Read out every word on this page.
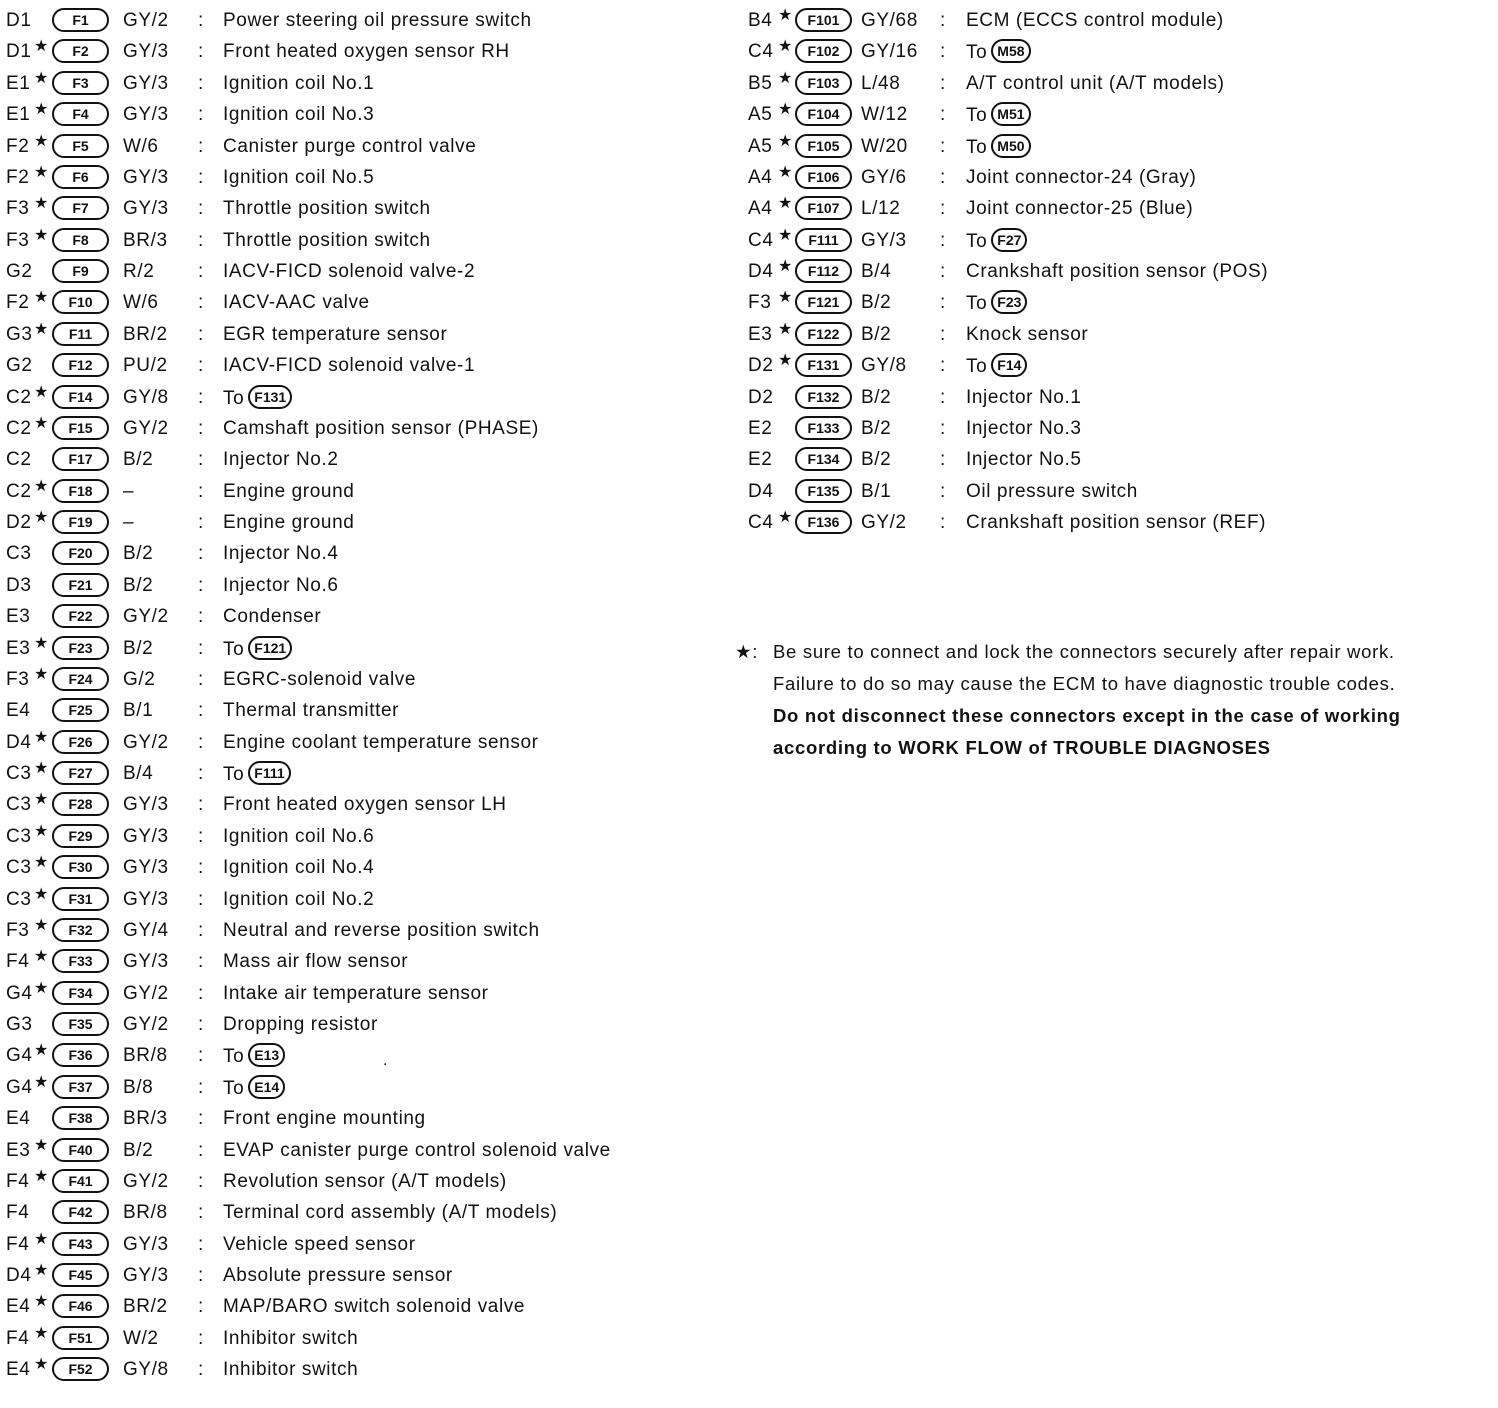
D1	F1	GY/2	: Power steering oil pressure switch
D1 ★	F2	GY/3	: Front heated oxygen sensor RH
E1 ★	F3	GY/3	: Ignition coil No.1
E1 ★	F4	GY/3	: Ignition coil No.3
F2 ★	F5	W/6	: Canister purge control valve
F2 ★	F6	GY/3	: Ignition coil No.5
F3 ★	F7	GY/3	: Throttle position switch
F3 ★	F8	BR/3	: Throttle position switch
G2	F9	R/2	: IACV-FICD solenoid valve-2
F2 ★	F10	W/6	: IACV-AAC valve
G3 ★	F11	BR/2	: EGR temperature sensor
G2	F12	PU/2	: IACV-FICD solenoid valve-1
C2 ★	F14	GY/8	: To F131
C2 ★	F15	GY/2	: Camshaft position sensor (PHASE)
C2	F17	B/2	: Injector No.2
C2 ★	F18	–	: Engine ground
D2 ★	F19	–	: Engine ground
C3	F20	B/2	: Injector No.4
D3	F21	B/2	: Injector No.6
E3	F22	GY/2	: Condenser
E3 ★	F23	B/2	: To F121
F3 ★	F24	G/2	: EGRC-solenoid valve
E4	F25	B/1	: Thermal transmitter
D4 ★	F26	GY/2	: Engine coolant temperature sensor
C3 ★	F27	B/4	: To F111
C3 ★	F28	GY/3	: Front heated oxygen sensor LH
C3 ★	F29	GY/3	: Ignition coil No.6
C3 ★	F30	GY/3	: Ignition coil No.4
C3 ★	F31	GY/3	: Ignition coil No.2
F3 ★	F32	GY/4	: Neutral and reverse position switch
F4 ★	F33	GY/3	: Mass air flow sensor
G4 ★	F34	GY/2	: Intake air temperature sensor
G3	F35	GY/2	: Dropping resistor
G4 ★	F36	BR/8	: To E13
G4 ★	F37	B/8	: To E14
E4	F38	BR/3	: Front engine mounting
E3 ★	F40	B/2	: EVAP canister purge control solenoid valve
F4 ★	F41	GY/2	: Revolution sensor (A/T models)
F4	F42	BR/8	: Terminal cord assembly (A/T models)
F4 ★	F43	GY/3	: Vehicle speed sensor
D4 ★	F45	GY/3	: Absolute pressure sensor
E4 ★	F46	BR/2	: MAP/BARO switch solenoid valve
F4 ★	F51	W/2	: Inhibitor switch
E4 ★	F52	GY/8	: Inhibitor switch
B4 ★	F101	GY/68	: ECM (ECCS control module)
C4 ★	F102	GY/16	: To M58
B5 ★	F103	L/48	: A/T control unit (A/T models)
A5 ★	F104	W/12	: To M51
A5 ★	F105	W/20	: To M50
A4 ★	F106	GY/6	: Joint connector-24 (Gray)
A4 ★	F107	L/12	: Joint connector-25 (Blue)
C4 ★	F111	GY/3	: To F27
D4 ★	F112	B/4	: Crankshaft position sensor (POS)
F3 ★	F121	B/2	: To F23
E3 ★	F122	B/2	: Knock sensor
D2 ★	F131	GY/8	: To F14
D2	F132	B/2	: Injector No.1
E2	F133	B/2	: Injector No.3
E2	F134	B/2	: Injector No.5
D4	F135	B/1	: Oil pressure switch
C4 ★	F136	GY/2	: Crankshaft position sensor (REF)
.
★: Be sure to connect and lock the connectors securely after repair work.
Failure to do so may cause the ECM to have diagnostic trouble codes.
Do not disconnect these connectors except in the case of working
according to WORK FLOW of TROUBLE DIAGNOSES
